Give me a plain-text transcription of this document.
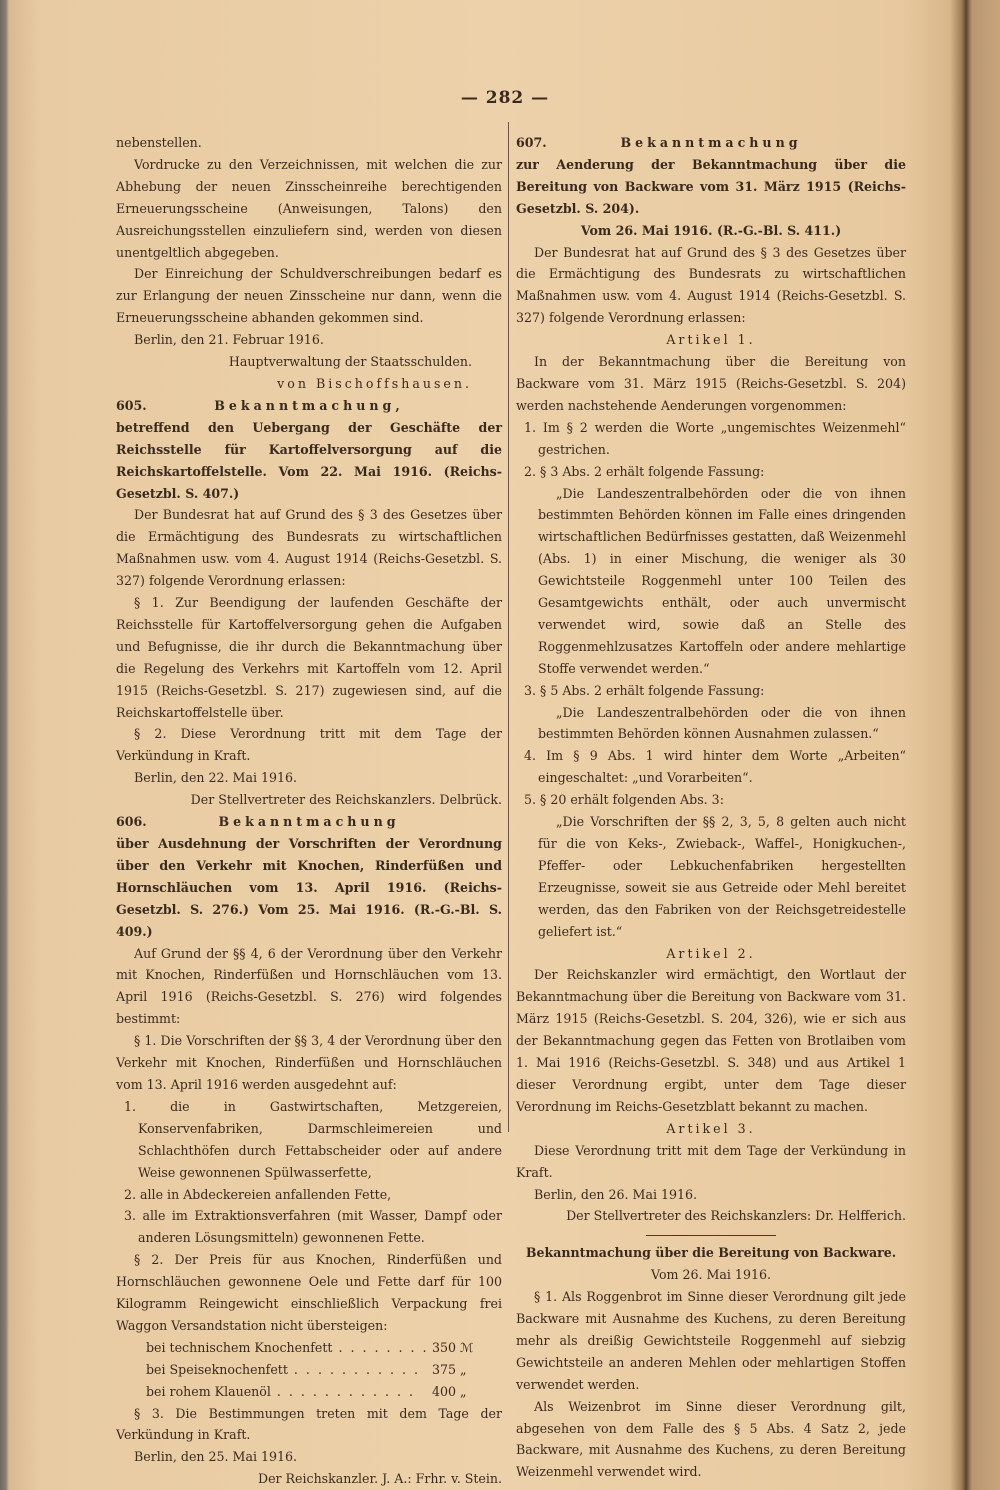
— 282 —

nebenstellen.

Vordrucke zu den Verzeichnissen, mit welchen die zur Abhebung der neuen Zinsscheinreihe berechtigenden Erneuerungsscheine (Anweisungen, Talons) den Ausreichungsstellen einzuliefern sind, werden von diesen unentgeltlich abgegeben.

Der Einreichung der Schuldverschreibungen bedarf es zur Erlangung der neuen Zinsscheine nur dann, wenn die Erneuerungsscheine abhanden gekommen sind.

Berlin, den 21. Februar 1916.

Hauptverwaltung der Staatsschulden.

von Bischoffshausen.

605.	Bekanntmachung,

betreffend den Uebergang der Geschäfte der Reichsstelle für Kartoffelversorgung auf die Reichskartoffelstelle. Vom 22. Mai 1916. (Reichs-Gesetzbl. S. 407.)

Der Bundesrat hat auf Grund des § 3 des Gesetzes über die Ermächtigung des Bundesrats zu wirtschaftlichen Maßnahmen usw. vom 4. August 1914 (Reichs-Gesetzbl. S. 327) folgende Verordnung erlassen:

§ 1. Zur Beendigung der laufenden Geschäfte der Reichsstelle für Kartoffelversorgung gehen die Aufgaben und Befugnisse, die ihr durch die Bekanntmachung über die Regelung des Verkehrs mit Kartoffeln vom 12. April 1915 (Reichs-Gesetzbl. S. 217) zugewiesen sind, auf die Reichskartoffelstelle über.

§ 2. Diese Verordnung tritt mit dem Tage der Verkündung in Kraft.

Berlin, den 22. Mai 1916.

Der Stellvertreter des Reichskanzlers. Delbrück.

606.	Bekanntmachung

über Ausdehnung der Vorschriften der Verordnung über den Verkehr mit Knochen, Rinderfüßen und Hornschläuchen vom 13. April 1916. (Reichs-Gesetzbl. S. 276.) Vom 25. Mai 1916. (R.-G.-Bl. S. 409.)

Auf Grund der §§ 4, 6 der Verordnung über den Verkehr mit Knochen, Rinderfüßen und Hornschläuchen vom 13. April 1916 (Reichs-Gesetzbl. S. 276) wird folgendes bestimmt:

§ 1. Die Vorschriften der §§ 3, 4 der Verordnung über den Verkehr mit Knochen, Rinderfüßen und Hornschläuchen vom 13. April 1916 werden ausgedehnt auf:

1. die in Gastwirtschaften, Metzgereien, Konservenfabriken, Darmschleimereien und Schlachthöfen durch Fettabscheider oder auf andere Weise gewonnenen Spülwasserfette,

2. alle in Abdeckereien anfallenden Fette,

3. alle im Extraktionsverfahren (mit Wasser, Dampf oder anderen Lösungsmitteln) gewonnenen Fette.

§ 2. Der Preis für aus Knochen, Rinderfüßen und Hornschläuchen gewonnene Oele und Fette darf für 100 Kilogramm Reingewicht einschließlich Verpackung frei Waggon Versandstation nicht übersteigen:

bei technischem Knochenfett . . .	350 ℳ
bei Speiseknochenfett . . .	375 „
bei rohem Klauenöl . . .	400 „

§ 3. Die Bestimmungen treten mit dem Tage der Verkündung in Kraft.

Berlin, den 25. Mai 1916.

Der Reichskanzler. J. A.: Frhr. v. Stein.

607.	Bekanntmachung

zur Aenderung der Bekanntmachung über die Bereitung von Backware vom 31. März 1915 (Reichs-Gesetzbl. S. 204).

Vom 26. Mai 1916. (R.-G.-Bl. S. 411.)

Der Bundesrat hat auf Grund des § 3 des Gesetzes über die Ermächtigung des Bundesrats zu wirtschaftlichen Maßnahmen usw. vom 4. August 1914 (Reichs-Gesetzbl. S. 327) folgende Verordnung erlassen:

Artikel 1.

In der Bekanntmachung über die Bereitung von Backware vom 31. März 1915 (Reichs-Gesetzbl. S. 204) werden nachstehende Aenderungen vorgenommen:

1. Im § 2 werden die Worte „ungemischtes Weizenmehl“ gestrichen.

2. § 3 Abs. 2 erhält folgende Fassung:

„Die Landeszentralbehörden oder die von ihnen bestimmten Behörden können im Falle eines dringenden wirtschaftlichen Bedürfnisses gestatten, daß Weizenmehl (Abs. 1) in einer Mischung, die weniger als 30 Gewichtsteile Roggenmehl unter 100 Teilen des Gesamtgewichts enthält, oder auch unvermischt verwendet wird, sowie daß an Stelle des Roggenmehlzusatzes Kartoffeln oder andere mehlartige Stoffe verwendet werden.“

3. § 5 Abs. 2 erhält folgende Fassung:

„Die Landeszentralbehörden oder die von ihnen bestimmten Behörden können Ausnahmen zulassen.“

4. Im § 9 Abs. 1 wird hinter dem Worte „Arbeiten“ eingeschaltet: „und Vorarbeiten“.

5. § 20 erhält folgenden Abs. 3:

„Die Vorschriften der §§ 2, 3, 5, 8 gelten auch nicht für die von Keks-, Zwieback-, Waffel-, Honigkuchen-, Pfeffer- oder Lebkuchenfabriken hergestellten Erzeugnisse, soweit sie aus Getreide oder Mehl bereitet werden, das den Fabriken von der Reichsgetreidestelle geliefert ist.“

Artikel 2.

Der Reichskanzler wird ermächtigt, den Wortlaut der Bekanntmachung über die Bereitung von Backware vom 31. März 1915 (Reichs-Gesetzbl. S. 204, 326), wie er sich aus der Bekanntmachung gegen das Fetten von Brotlaiben vom 1. Mai 1916 (Reichs-Gesetzbl. S. 348) und aus Artikel 1 dieser Verordnung ergibt, unter dem Tage dieser Verordnung im Reichs-Gesetzblatt bekannt zu machen.

Artikel 3.

Diese Verordnung tritt mit dem Tage der Verkündung in Kraft.

Berlin, den 26. Mai 1916.

Der Stellvertreter des Reichskanzlers: Dr. Helfferich.

Bekanntmachung über die Bereitung von Backware.

Vom 26. Mai 1916.

§ 1. Als Roggenbrot im Sinne dieser Verordnung gilt jede Backware mit Ausnahme des Kuchens, zu deren Bereitung mehr als dreißig Gewichtsteile Roggenmehl auf siebzig Gewichtsteile an anderen Mehlen oder mehlartigen Stoffen verwendet werden.

Als Weizenbrot im Sinne dieser Verordnung gilt, abgesehen von dem Falle des § 5 Abs. 4 Satz 2, jede Backware, mit Ausnahme des Kuchens, zu deren Bereitung Weizenmehl verwendet wird.
